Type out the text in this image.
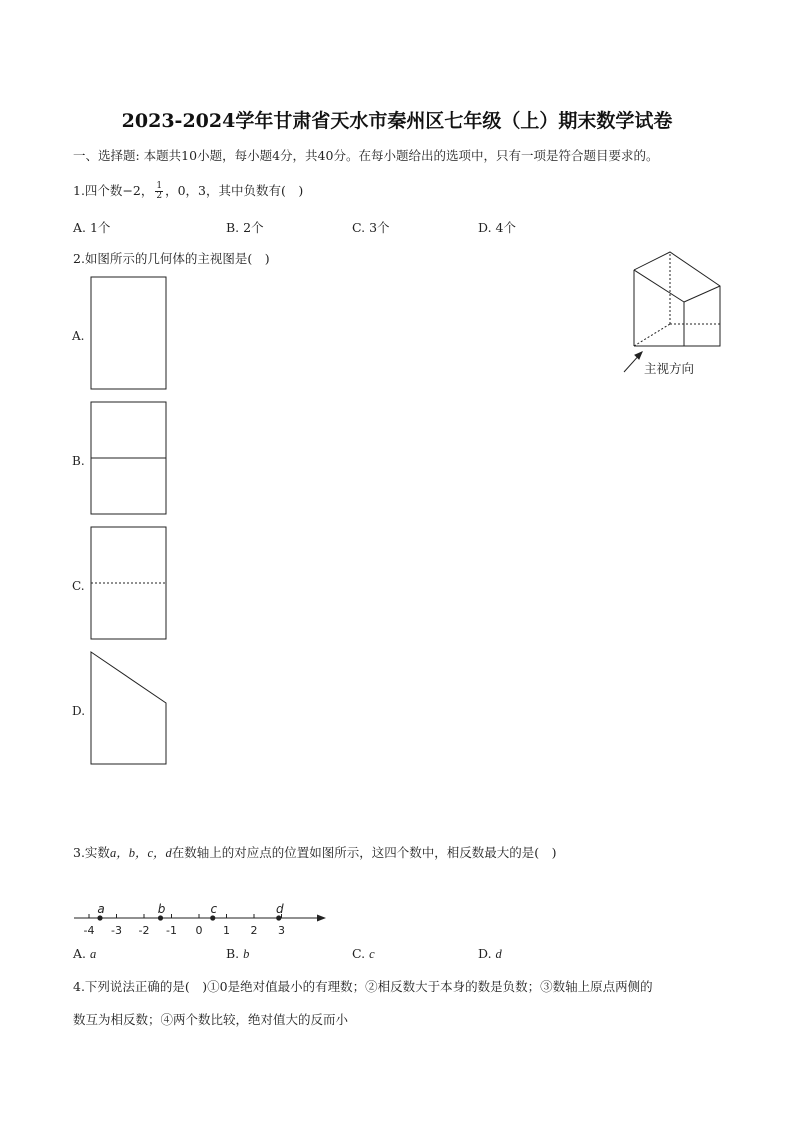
2023-2024学年甘肃省天水市秦州区七年级（上）期末数学试卷
一、选择题: 本题共10小题，每小题4分，共40分。在每小题给出的选项中，只有一项是符合题目要求的。
1.四个数−2， $\frac{1}{2}$ ，0，3，其中负数有(　)
A. 1个	B. 2个	C. 3个	D. 4个
2.如图所示的几何体的主视图是(　)
主视方向
A.
B.
C.
D.
3.实数a，b，c，d在数轴上的对应点的位置如图所示，这四个数中，相反数最大的是(　)
-4 -3 -2 -1 0 1 2 3
a	b	c	d
A. a	B. b	C. c	D. d
4.下列说法正确的是(　)①0是绝对值最小的有理数；②相反数大于本身的数是负数；③数轴上原点两侧的
数互为相反数；④两个数比较，绝对值大的反而小
